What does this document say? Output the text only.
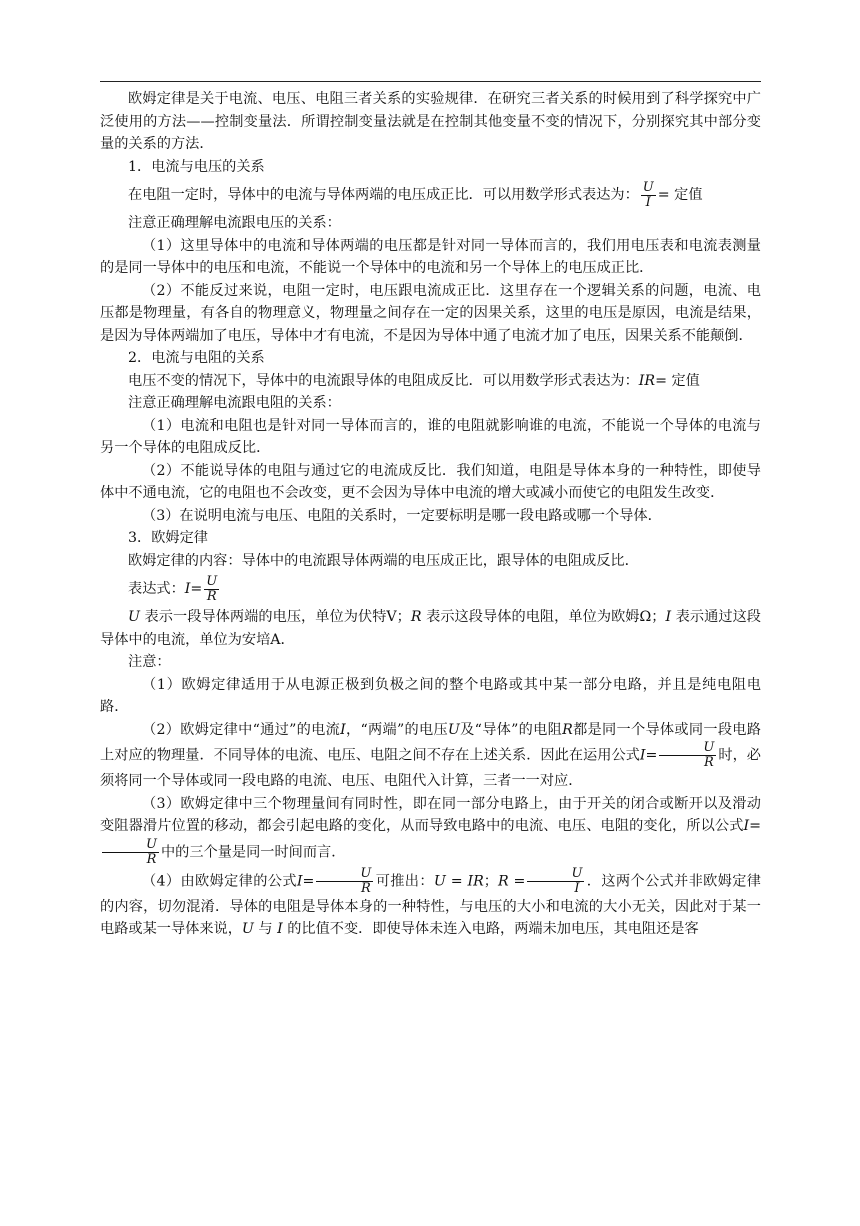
欧姆定律是关于电流、电压、电阻三者关系的实验规律．在研究三者关系的时候用到了科学探究中广泛使用的方法——控制变量法．所谓控制变量法就是在控制其他变量不变的情况下，分别探究其中部分变量的关系的方法．

1．电流与电压的关系

在电阻一定时，导体中的电流与导体两端的电压成正比．可以用数学形式表达为： $\frac{U}{I}$ = 定值

注意正确理解电流跟电压的关系：

（1）这里导体中的电流和导体两端的电压都是针对同一导体而言的，我们用电压表和电流表测量的是同一导体中的电压和电流，不能说一个导体中的电流和另一个导体上的电压成正比．

（2）不能反过来说，电阻一定时，电压跟电流成正比．这里存在一个逻辑关系的问题，电流、电压都是物理量，有各自的物理意义，物理量之间存在一定的因果关系，这里的电压是原因，电流是结果，是因为导体两端加了电压，导体中才有电流，不是因为导体中通了电流才加了电压，因果关系不能颠倒．

2．电流与电阻的关系

电压不变的情况下，导体中的电流跟导体的电阻成反比．可以用数学形式表达为：IR= 定值

注意正确理解电流跟电阻的关系：

（1）电流和电阻也是针对同一导体而言的，谁的电阻就影响谁的电流，不能说一个导体的电流与另一个导体的电阻成反比．

（2）不能说导体的电阻与通过它的电流成反比．我们知道，电阻是导体本身的一种特性，即使导体中不通电流，它的电阻也不会改变，更不会因为导体中电流的增大或减小而使它的电阻发生改变．

（3）在说明电流与电压、电阻的关系时，一定要标明是哪一段电路或哪一个导体．

3．欧姆定律

欧姆定律的内容：导体中的电流跟导体两端的电压成正比，跟导体的电阻成反比．

表达式：$I= \frac{U}{R}$

U 表示一段导体两端的电压，单位为伏特V；R 表示这段导体的电阻，单位为欧姆Ω；I 表示通过这段导体中的电流，单位为安培A．

注意：

（1）欧姆定律适用于从电源正极到负极之间的整个电路或其中某一部分电路，并且是纯电阻电路．

（2）欧姆定律中“通过”的电流I，“两端”的电压U及“导体”的电阻R都是同一个导体或同一段电路上对应的物理量．不同导体的电流、电压、电阻之间不存在上述关系．因此在运用公式$I= \frac{U}{R}$ 时，必须将同一个导体或同一段电路的电流、电压、电阻代入计算，三者一一对应．

（3）欧姆定律中三个物理量间有同时性，即在同一部分电路上，由于开关的闭合或断开以及滑动变阻器滑片位置的移动，都会引起电路的变化，从而导致电路中的电流、电压、电阻的变化，所以公式I=
$\frac{U}{R}$ 中的三个量是同一时间而言．

（4）由欧姆定律的公式$I= \frac{U}{R}$ 可推出：U = IR；$R = \frac{U}{I}$ ．这两个公式并非欧姆定律的内容，切勿混淆．导体的电阻是导体本身的一种特性，与电压的大小和电流的大小无关，因此对于某一电路或某一导体来说，U 与 I 的比值不变．即使导体未连入电路，两端未加电压，其电阻还是客
